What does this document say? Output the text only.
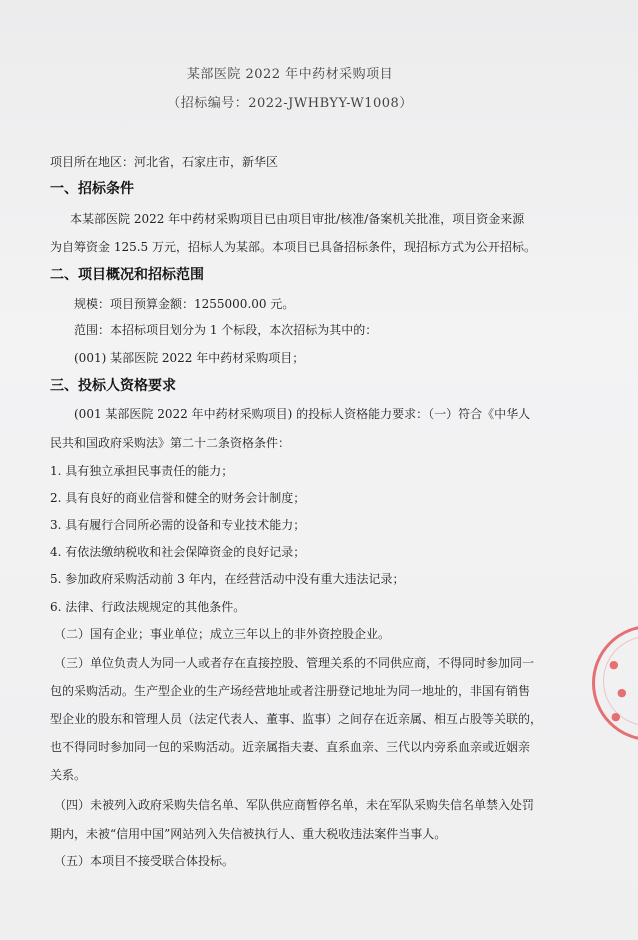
某部医院 2022 年中药材采购项目
（招标编号：2022-JWHBYY-W1008）
项目所在地区：河北省，石家庄市，新华区
一、招标条件
本某部医院 2022 年中药材采购项目已由项目审批/核准/备案机关批准，项目资金来源
为自筹资金 125.5 万元，招标人为某部。本项目已具备招标条件，现招标方式为公开招标。
二、项目概况和招标范围
规模：项目预算金额：1255000.00 元。
范围：本招标项目划分为 1 个标段，本次招标为其中的：
(001) 某部医院 2022 年中药材采购项目；
三、投标人资格要求
(001 某部医院 2022 年中药材采购项目) 的投标人资格能力要求：（一）符合《中华人
民共和国政府采购法》第二十二条资格条件：
1. 具有独立承担民事责任的能力；
2. 具有良好的商业信誉和健全的财务会计制度；
3. 具有履行合同所必需的设备和专业技术能力；
4. 有依法缴纳税收和社会保障资金的良好记录；
5. 参加政府采购活动前 3 年内，在经营活动中没有重大违法记录；
6. 法律、行政法规规定的其他条件。
（二）国有企业；事业单位；成立三年以上的非外资控股企业。
（三）单位负责人为同一人或者存在直接控股、管理关系的不同供应商，不得同时参加同一
包的采购活动。生产型企业的生产场经营地址或者注册登记地址为同一地址的，非国有销售
型企业的股东和管理人员（法定代表人、董事、监事）之间存在近亲属、相互占股等关联的，
也不得同时参加同一包的采购活动。近亲属指夫妻、直系血亲、三代以内旁系血亲或近姻亲
关系。
（四）未被列入政府采购失信名单、军队供应商暂停名单，未在军队采购失信名单禁入处罚
期内，未被“信用中国”网站列入失信被执行人、重大税收违法案件当事人。
（五）本项目不接受联合体投标。
●
●
●
